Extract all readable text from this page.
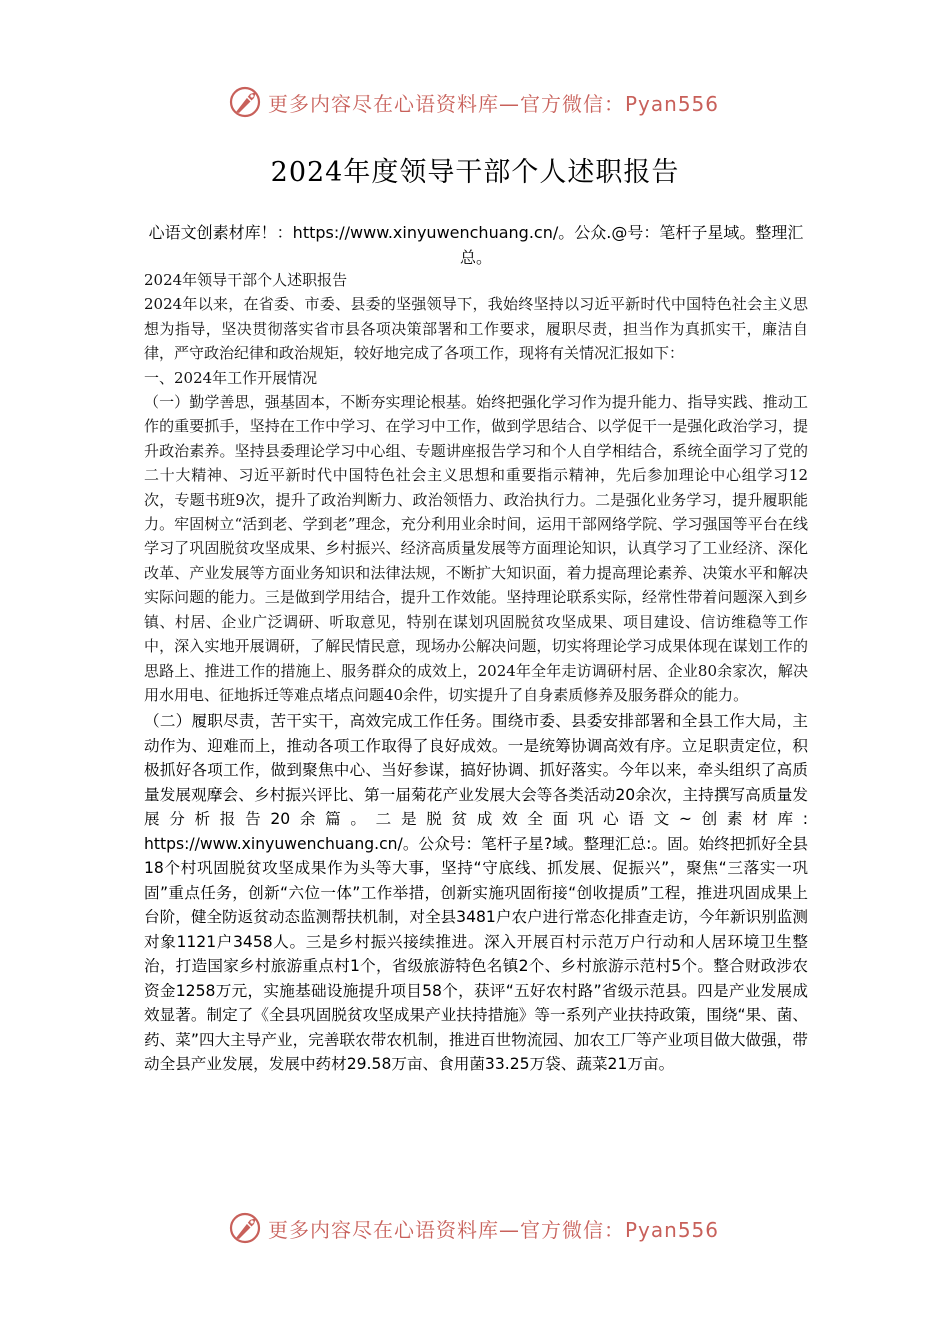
更多内容尽在心语资料库—官方微信：Pyan556
2024年度领导干部个人述职报告
心语文创素材库！：https://www.xinyuwenchuang.cn/。公众.@号：笔杆子星域。整理汇总。

2024年领导干部个人述职报告

2024年以来，在省委、市委、县委的坚强领导下，我始终坚持以习近平新时代中国特色社会主义思想为指导，坚决贯彻落实省市县各项决策部署和工作要求，履职尽责，担当作为真抓实干，廉洁自律，严守政治纪律和政治规矩，较好地完成了各项工作，现将有关情况汇报如下：

一、2024年工作开展情况

（一）勤学善思，强基固本，不断夯实理论根基。始终把强化学习作为提升能力、指导实践、推动工作的重要抓手，坚持在工作中学习、在学习中工作，做到学思结合、以学促干一是强化政治学习，提升政治素养。坚持县委理论学习中心组、专题讲座报告学习和个人自学相结合，系统全面学习了党的二十大精神、习近平新时代中国特色社会主义思想和重要指示精神，先后参加理论中心组学习12次，专题书班9次，提升了政治判断力、政治领悟力、政治执行力。二是强化业务学习，提升履职能力。牢固树立“活到老、学到老”理念，充分利用业余时间，运用干部网络学院、学习强国等平台在线学习了巩固脱贫攻坚成果、乡村振兴、经济高质量发展等方面理论知识，认真学习了工业经济、深化改革、产业发展等方面业务知识和法律法规，不断扩大知识面，着力提高理论素养、决策水平和解决实际问题的能力。三是做到学用结合，提升工作效能。坚持理论联系实际，经常性带着问题深入到乡镇、村居、企业广泛调研、听取意见，特别在谋划巩固脱贫攻坚成果、项目建设、信访维稳等工作中，深入实地开展调研，了解民情民意，现场办公解决问题，切实将理论学习成果体现在谋划工作的思路上、推进工作的措施上、服务群众的成效上，2024年全年走访调研村居、企业80余家次，解决用水用电、征地拆迁等难点堵点问题40余件，切实提升了自身素质修养及服务群众的能力。

（二）履职尽责，苦干实干，高效完成工作任务。围绕市委、县委安排部署和全县工作大局，主动作为、迎难而上，推动各项工作取得了良好成效。一是统筹协调高效有序。立足职责定位，积极抓好各项工作，做到聚焦中心、当好参谋，搞好协调、抓好落实。今年以来，牵头组织了高质量发展观摩会、乡村振兴评比、第一届菊花产业发展大会等各类活动20余次，主持撰写高质量发展分析报告20余篇。二是脱贫成效全面巩心语文~创素材库: https://www.xinyuwenchuang.cn/。公众号：笔杆子星?域。整理汇总:。固。始终把抓好全县18个村巩固脱贫攻坚成果作为头等大事，坚持“守底线、抓发展、促振兴”，聚焦“三落实一巩固”重点任务，创新“六位一体”工作举措，创新实施巩固衔接“创收提质”工程，推进巩固成果上台阶，健全防返贫动态监测帮扶机制，对全县3481户农户进行常态化排查走访，今年新识别监测对象1121户3458人。三是乡村振兴接续推进。深入开展百村示范万户行动和人居环境卫生整治，打造国家乡村旅游重点村1个，省级旅游特色名镇2个、乡村旅游示范村5个。整合财政涉农资金1258万元，实施基础设施提升项目58个，获评“五好农村路”省级示范县。四是产业发展成效显著。制定了《全县巩固脱贫攻坚成果产业扶持措施》等一系列产业扶持政策，围绕“果、菌、药、菜”四大主导产业，完善联农带农机制，推进百世物流园、加农工厂等产业项目做大做强，带动全县产业发展，发展中药材29.58万亩、食用菌33.25万袋、蔬菜21万亩。

更多内容尽在心语资料库—官方微信：Pyan556
